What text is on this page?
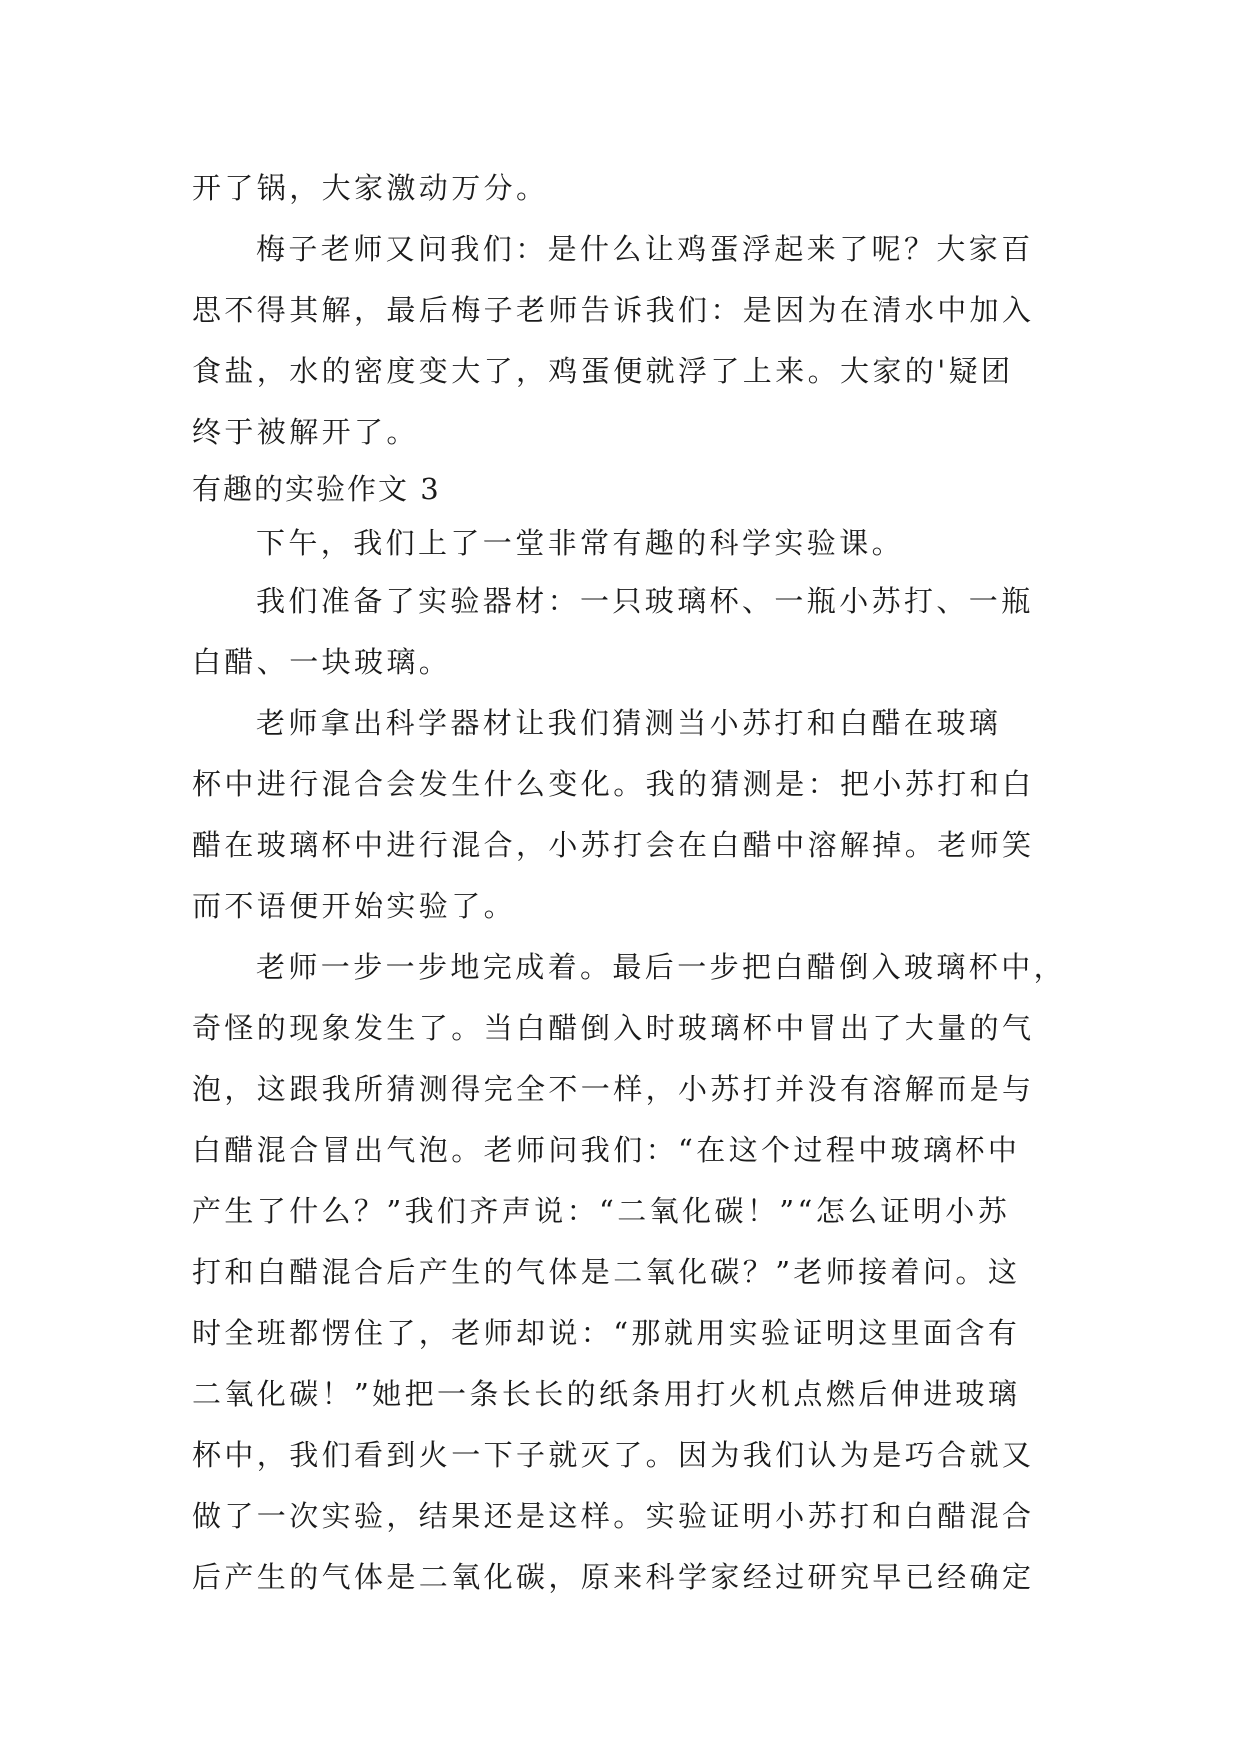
开了锅，大家激动万分。
梅子老师又问我们：是什么让鸡蛋浮起来了呢？大家百
思不得其解，最后梅子老师告诉我们：是因为在清水中加入
食盐，水的密度变大了，鸡蛋便就浮了上来。大家的'疑团
终于被解开了。
有趣的实验作文 3
下午，我们上了一堂非常有趣的科学实验课。
我们准备了实验器材：一只玻璃杯、一瓶小苏打、一瓶
白醋、一块玻璃。
老师拿出科学器材让我们猜测当小苏打和白醋在玻璃
杯中进行混合会发生什么变化。我的猜测是：把小苏打和白
醋在玻璃杯中进行混合，小苏打会在白醋中溶解掉。老师笑
而不语便开始实验了。
老师一步一步地完成着。最后一步把白醋倒入玻璃杯中，
奇怪的现象发生了。当白醋倒入时玻璃杯中冒出了大量的气
泡，这跟我所猜测得完全不一样，小苏打并没有溶解而是与
白醋混合冒出气泡。老师问我们：“在这个过程中玻璃杯中
产生了什么？”我们齐声说：“二氧化碳！”“怎么证明小苏
打和白醋混合后产生的气体是二氧化碳？”老师接着问。这
时全班都愣住了，老师却说：“那就用实验证明这里面含有
二氧化碳！”她把一条长长的纸条用打火机点燃后伸进玻璃
杯中，我们看到火一下子就灭了。因为我们认为是巧合就又
做了一次实验，结果还是这样。实验证明小苏打和白醋混合
后产生的气体是二氧化碳，原来科学家经过研究早已经确定
